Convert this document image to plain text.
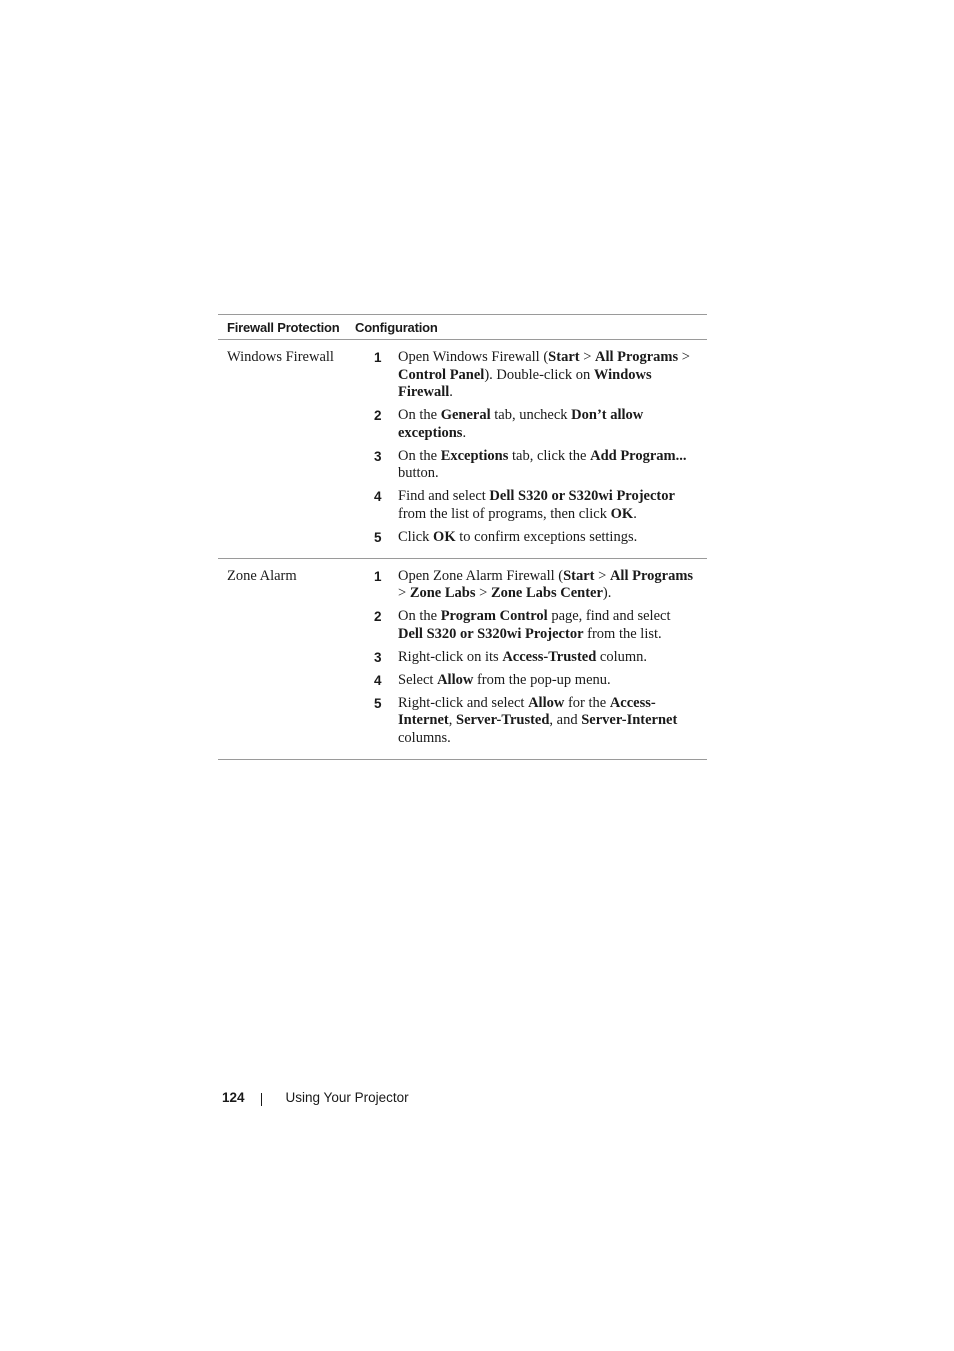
Firewall Protection	Configuration
Windows Firewall	1	Open Windows Firewall (Start > All Programs > Control Panel). Double-click on Windows Firewall.
2	On the General tab, uncheck Don’t allow exceptions.
3	On the Exceptions tab, click the Add Program... button.
4	Find and select Dell S320 or S320wi Projector from the list of programs, then click OK.
5	Click OK to confirm exceptions settings.
Zone Alarm	1	Open Zone Alarm Firewall (Start > All Programs > Zone Labs > Zone Labs Center).
2	On the Program Control page, find and select Dell S320 or S320wi Projector from the list.
3	Right-click on its Access-Trusted column.
4	Select Allow from the pop-up menu.
5	Right-click and select Allow for the Access-Internet, Server-Trusted, and Server-Internet columns.
124	Using Your Projector
